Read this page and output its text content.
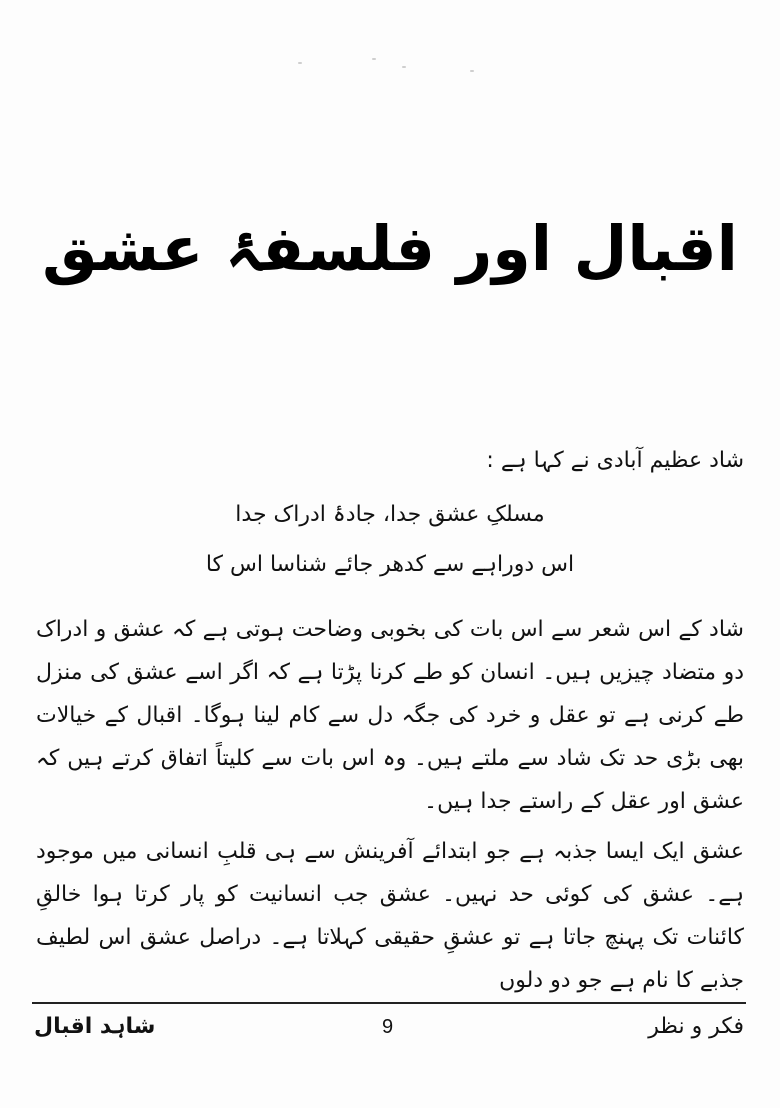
اقبال اور فلسفۂ عشق
شاد عظیم آبادی نے کہا ہے :
مسلکِ عشق جدا، جادۂ ادراک جدا
اس دوراہے سے کدھر جائے شناسا اس کا
شاد کے اس شعر سے اس بات کی بخوبی وضاحت ہوتی ہے کہ عشق و ادراک دو متضاد چیزیں ہیں۔ انسان کو طے کرنا پڑتا ہے کہ اگر اسے عشق کی منزل طے کرنی ہے تو عقل و خرد کی جگہ دل سے کام لینا ہوگا۔ اقبال کے خیالات بھی بڑی حد تک شاد سے ملتے ہیں۔ وہ اس بات سے کلیتاً اتفاق کرتے ہیں کہ عشق اور عقل کے راستے جدا ہیں۔
عشق ایک ایسا جذبہ ہے جو ابتدائے آفرینش سے ہی قلبِ انسانی میں موجود ہے۔ عشق کی کوئی حد نہیں۔ عشق جب انسانیت کو پار کرتا ہوا خالقِ کائنات تک پہنچ جاتا ہے تو عشقِ حقیقی کہلاتا ہے۔ دراصل عشق اس لطیف جذبے کا نام ہے جو دو دلوں
شاہد اقبال	9	فکر و نظر
